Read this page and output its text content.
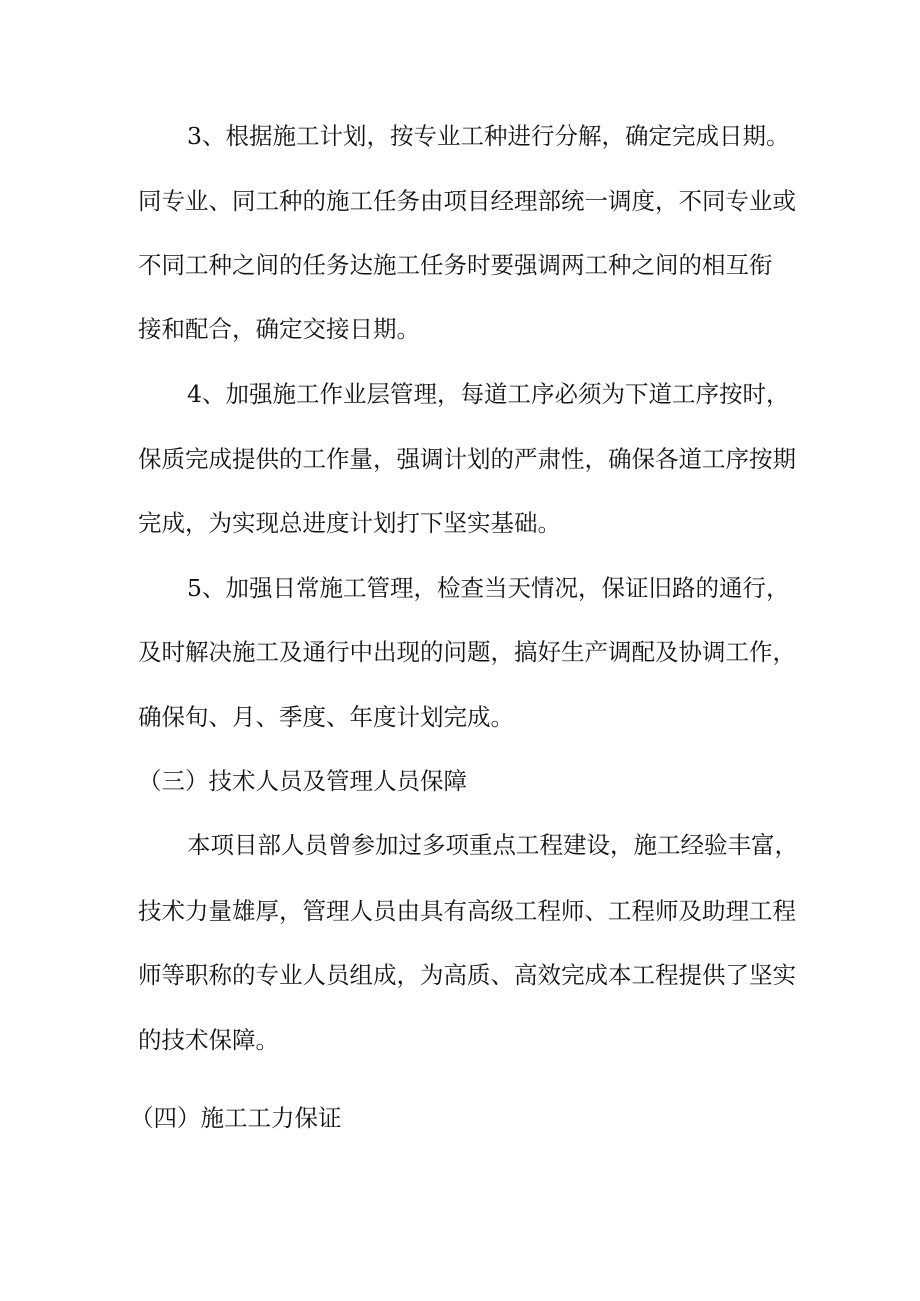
3、根据施工计划，按专业工种进行分解，确定完成日期。
同专业、同工种的施工任务由项目经理部统一调度，不同专业或
不同工种之间的任务达施工任务时要强调两工种之间的相互衔
接和配合，确定交接日期。
4、加强施工作业层管理，每道工序必须为下道工序按时，
保质完成提供的工作量，强调计划的严肃性，确保各道工序按期
完成，为实现总进度计划打下坚实基础。
5、加强日常施工管理，检查当天情况，保证旧路的通行，
及时解决施工及通行中出现的问题，搞好生产调配及协调工作，
确保旬、月、季度、年度计划完成。
（三）技术人员及管理人员保障
本项目部人员曾参加过多项重点工程建设，施工经验丰富，
技术力量雄厚，管理人员由具有高级工程师、工程师及助理工程
师等职称的专业人员组成，为高质、高效完成本工程提供了坚实
的技术保障。
（四）施工工力保证
